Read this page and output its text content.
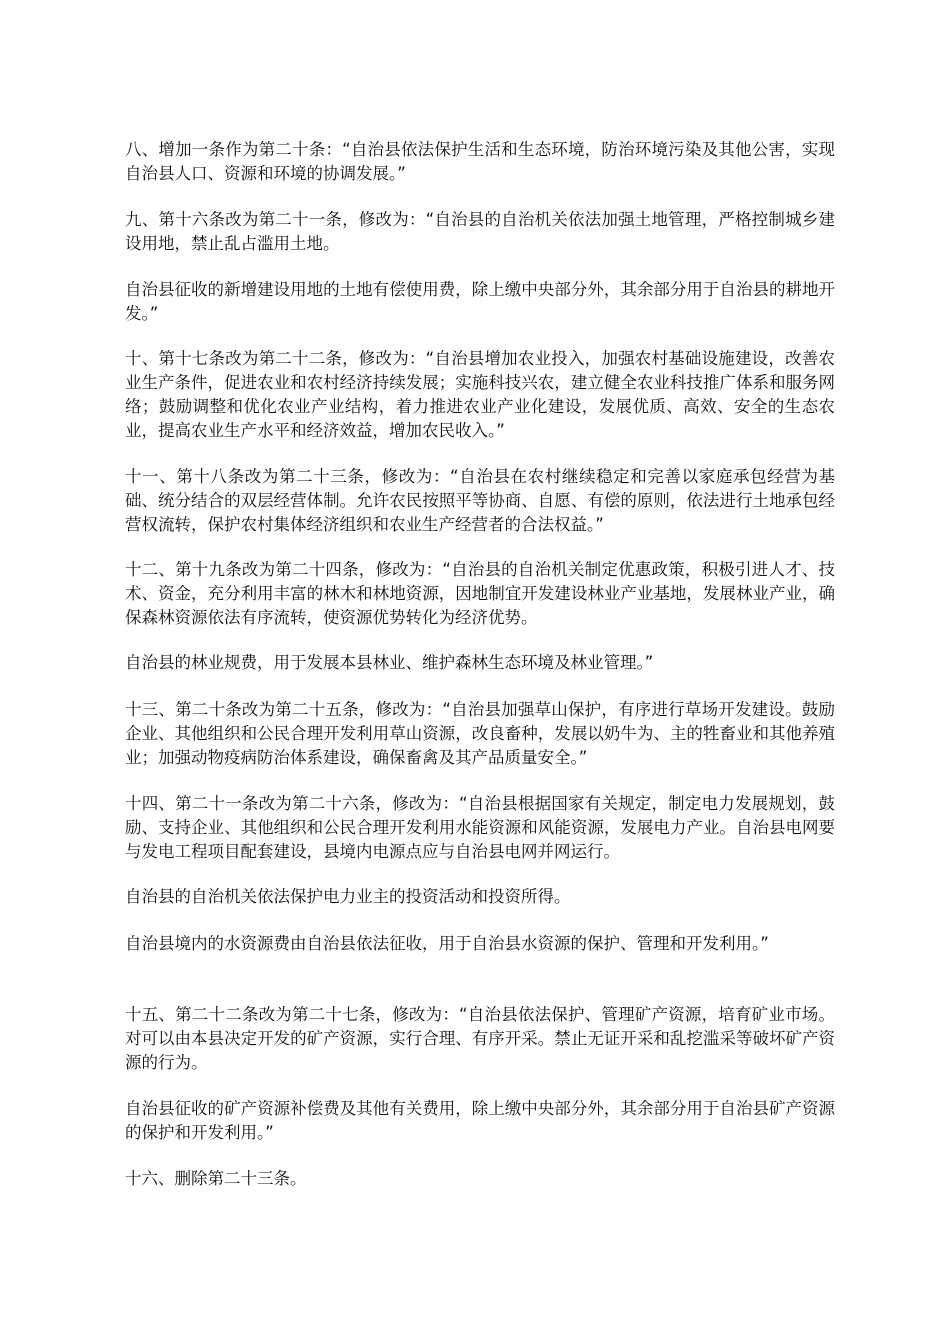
八、增加一条作为第二十条：“自治县依法保护生活和生态环境，防治环境污染及其他公害，实现自治县人口、资源和环境的协调发展。”

九、第十六条改为第二十一条，修改为：“自治县的自治机关依法加强土地管理，严格控制城乡建设用地，禁止乱占滥用土地。

自治县征收的新增建设用地的土地有偿使用费，除上缴中央部分外，其余部分用于自治县的耕地开发。”

十、第十七条改为第二十二条，修改为：“自治县增加农业投入，加强农村基础设施建设，改善农业生产条件，促进农业和农村经济持续发展；实施科技兴农，建立健全农业科技推广体系和服务网络；鼓励调整和优化农业产业结构，着力推进农业产业化建设，发展优质、高效、安全的生态农业，提高农业生产水平和经济效益，增加农民收入。”

十一、第十八条改为第二十三条，修改为：“自治县在农村继续稳定和完善以家庭承包经营为基础、统分结合的双层经营体制。允许农民按照平等协商、自愿、有偿的原则，依法进行土地承包经营权流转，保护农村集体经济组织和农业生产经营者的合法权益。”

十二、第十九条改为第二十四条，修改为：“自治县的自治机关制定优惠政策，积极引进人才、技术、资金，充分利用丰富的林木和林地资源，因地制宜开发建设林业产业基地，发展林业产业，确保森林资源依法有序流转，使资源优势转化为经济优势。

自治县的林业规费，用于发展本县林业、维护森林生态环境及林业管理。”

十三、第二十条改为第二十五条，修改为：“自治县加强草山保护，有序进行草场开发建设。鼓励企业、其他组织和公民合理开发利用草山资源，改良畜种，发展以奶牛为、主的牲畜业和其他养殖业；加强动物疫病防治体系建设，确保畜禽及其产品质量安全。”

十四、第二十一条改为第二十六条，修改为：“自治县根据国家有关规定，制定电力发展规划，鼓励、支持企业、其他组织和公民合理开发利用水能资源和风能资源，发展电力产业。自治县电网要与发电工程项目配套建设，县境内电源点应与自治县电网并网运行。

自治县的自治机关依法保护电力业主的投资活动和投资所得。

自治县境内的水资源费由自治县依法征收，用于自治县水资源的保护、管理和开发利用。”

十五、第二十二条改为第二十七条，修改为：“自治县依法保护、管理矿产资源，培育矿业市场。对可以由本县决定开发的矿产资源，实行合理、有序开采。禁止无证开采和乱挖滥采等破坏矿产资源的行为。

自治县征收的矿产资源补偿费及其他有关费用，除上缴中央部分外，其余部分用于自治县矿产资源的保护和开发利用。”

十六、删除第二十三条。
